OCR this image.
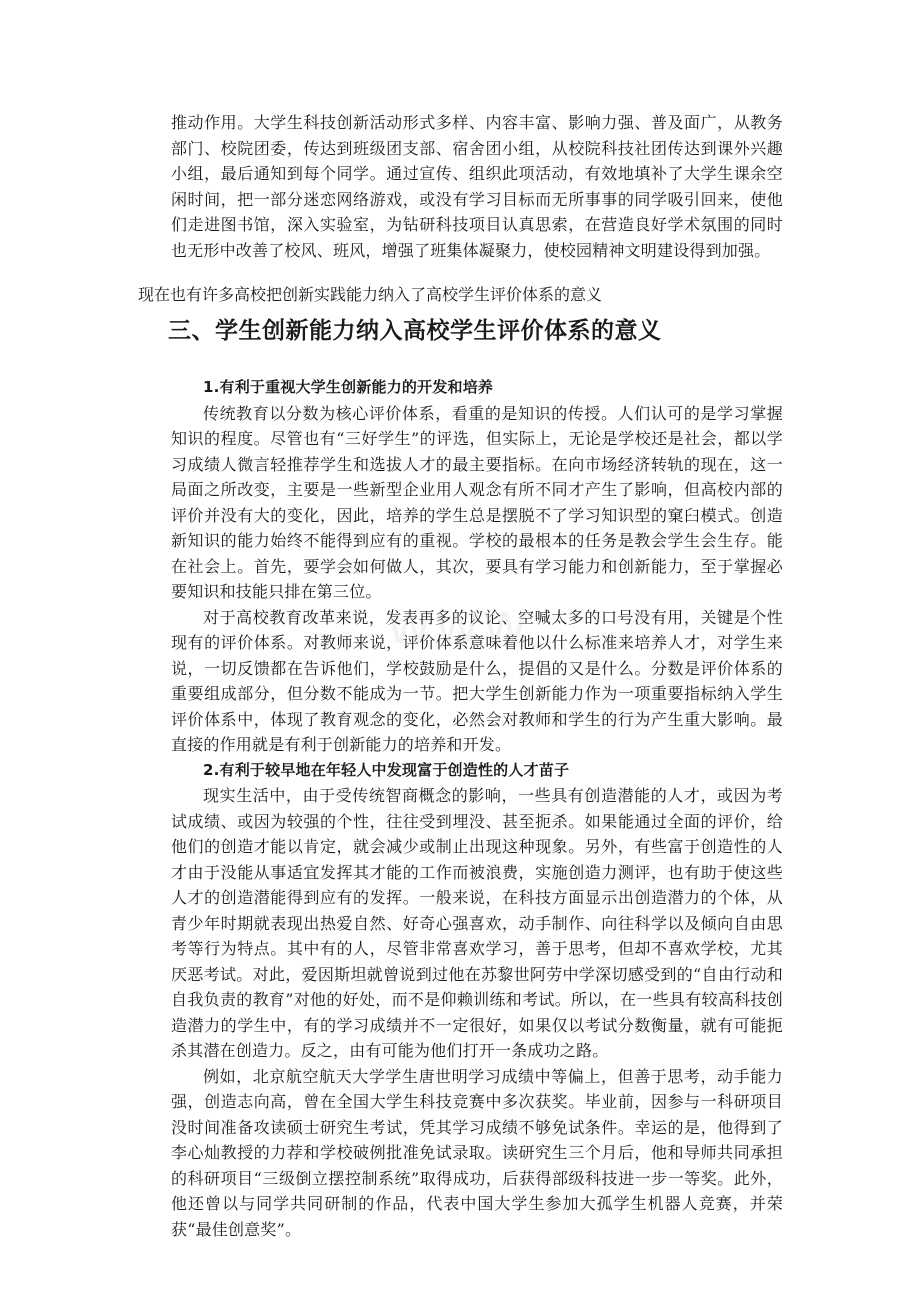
推动作用。大学生科技创新活动形式多样、内容丰富、影响力强、普及面广，从教务部门、校院团委，传达到班级团支部、宿舍团小组，从校院科技社团传达到课外兴趣小组，最后通知到每个同学。通过宣传、组织此项活动，有效地填补了大学生课余空闲时间，把一部分迷恋网络游戏，或没有学习目标而无所事事的同学吸引回来，使他们走进图书馆，深入实验室，为钻研科技项目认真思索，在营造良好学术氛围的同时也无形中改善了校风、班风，增强了班集体凝聚力，使校园精神文明建设得到加强。

现在也有许多高校把创新实践能力纳入了高校学生评价体系的意义
三、学生创新能力纳入高校学生评价体系的意义

1.有利于重视大学生创新能力的开发和培养

传统教育以分数为核心评价体系，看重的是知识的传授。人们认可的是学习掌握知识的程度。尽管也有“三好学生”的评选，但实际上，无论是学校还是社会，都以学习成绩人微言轻推荐学生和选拔人才的最主要指标。在向市场经济转轨的现在，这一局面之所改变，主要是一些新型企业用人观念有所不同才产生了影响，但高校内部的评价并没有大的变化，因此，培养的学生总是摆脱不了学习知识型的窠臼模式。创造新知识的能力始终不能得到应有的重视。学校的最根本的任务是教会学生会生存。能在社会上。首先，要学会如何做人，其次，要具有学习能力和创新能力，至于掌握必要知识和技能只排在第三位。

对于高校教育改革来说，发表再多的议论、空喊太多的口号没有用，关键是个性现有的评价体系。对教师来说，评价体系意味着他以什么标准来培养人才，对学生来说，一切反馈都在告诉他们，学校鼓励是什么，提倡的又是什么。分数是评价体系的重要组成部分，但分数不能成为一节。把大学生创新能力作为一项重要指标纳入学生评价体系中，体现了教育观念的变化，必然会对教师和学生的行为产生重大影响。最直接的作用就是有利于创新能力的培养和开发。

2.有利于较早地在年轻人中发现富于创造性的人才苗子

现实生活中，由于受传统智商概念的影响，一些具有创造潜能的人才，或因为考试成绩、或因为较强的个性，往往受到埋没、甚至扼杀。如果能通过全面的评价，给他们的创造才能以肯定，就会减少或制止出现这种现象。另外，有些富于创造性的人才由于没能从事适宜发挥其才能的工作而被浪费，实施创造力测评，也有助于使这些人才的创造潜能得到应有的发挥。一般来说，在科技方面显示出创造潜力的个体，从青少年时期就表现出热爱自然、好奇心强喜欢，动手制作、向往科学以及倾向自由思考等行为特点。其中有的人，尽管非常喜欢学习，善于思考，但却不喜欢学校，尤其厌恶考试。对此，爱因斯坦就曾说到过他在苏黎世阿劳中学深切感受到的“自由行动和自我负责的教育”对他的好处，而不是仰赖训练和考试。所以，在一些具有较高科技创造潜力的学生中，有的学习成绩并不一定很好，如果仅以考试分数衡量，就有可能扼杀其潜在创造力。反之，由有可能为他们打开一条成功之路。

例如，北京航空航天大学学生唐世明学习成绩中等偏上，但善于思考，动手能力强，创造志向高，曾在全国大学生科技竞赛中多次获奖。毕业前，因参与一科研项目没时间准备攻读硕士研究生考试，凭其学习成绩不够免试条件。幸运的是，他得到了李心灿教授的力荐和学校破例批准免试录取。读研究生三个月后，他和导师共同承担的科研项目“三级倒立摆控制系统”取得成功，后获得部级科技进一步一等奖。此外，他还曾以与同学共同研制的作品，代表中国大学生参加大孤学生机器人竞赛，并荣获“最佳创意奖”。

www
